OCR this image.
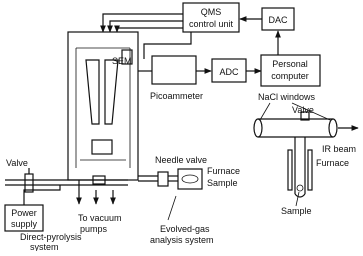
QMS
control unit	DAC
Personal
computer
ADC
Picoammeter
SEM
Valve
Power
supply
To vacuum
pumps
Direct-pyrolysis
system
Needle valve
Furnace
Sample
Evolved-gas
analysis system
NaCl windows
Valve
IR beam
Furnace
Sample
